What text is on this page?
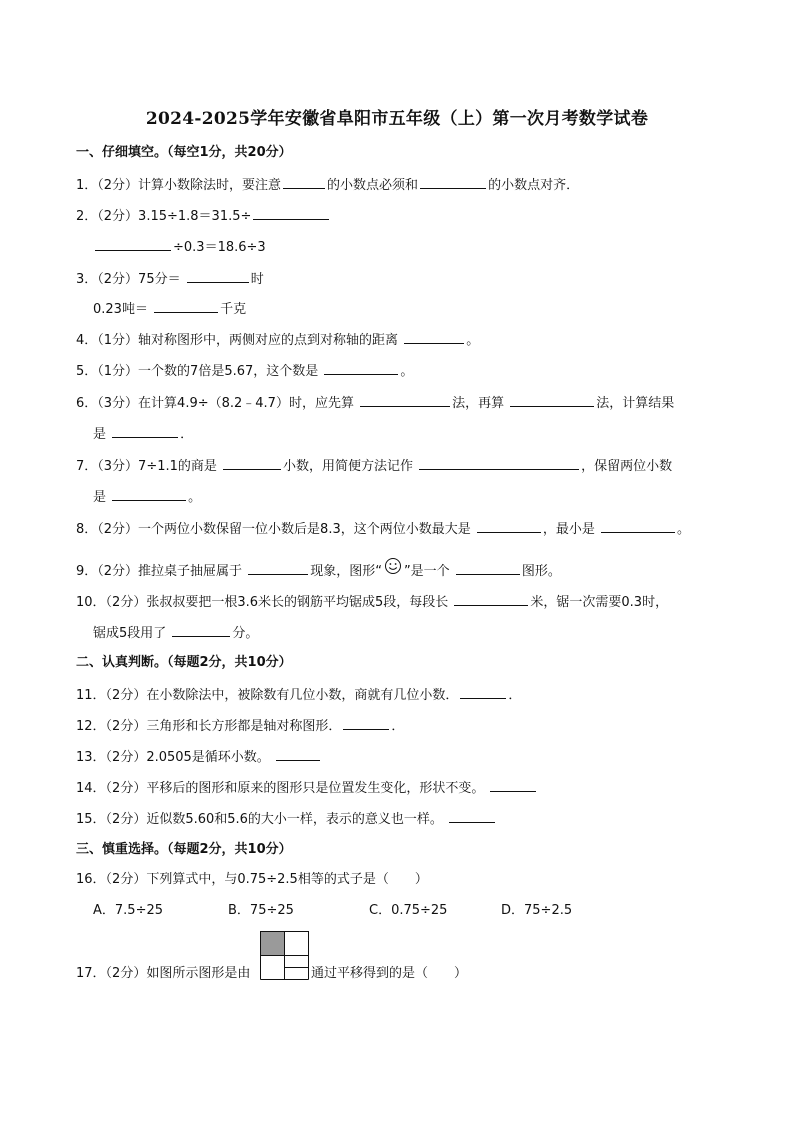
2024-2025学年安徽省阜阳市五年级（上）第一次月考数学试卷
一、仔细填空。（每空1分，共20分）
1．（2分）计算小数除法时，要注意	的小数点必须和	的小数点对齐．
2．（2分）3.15÷1.8＝31.5÷
÷0.3＝18.6÷3
3．（2分）75分＝	时
0.23吨＝	千克
4．（1分）轴对称图形中，两侧对应的点到对称轴的距离	。
5．（1分）一个数的7倍是5.67，这个数是	。
6．（3分）在计算4.9÷（8.2﹣4.7）时，应先算	法，再算	法，计算结果
是	．
7．（3分）7÷1.1的商是	小数，用简便方法记作	，保留两位小数
是	。
8．（2分）一个两位小数保留一位小数后是8.3，这个两位小数最大是	，最小是	。
9．（2分）推拉桌子抽屉属于	现象，图形“ ”是一个	图形。
10．（2分）张叔叔要把一根3.6米长的钢筋平均锯成5段，每段长	米，锯一次需要0.3时，
锯成5段用了	分。
二、认真判断。（每题2分，共10分）
11．（2分）在小数除法中，被除数有几位小数，商就有几位小数．	．
12．（2分）三角形和长方形都是轴对称图形．	．
13．（2分）2.0505是循环小数。
14．（2分）平移后的图形和原来的图形只是位置发生变化，形状不变。
15．（2分）近似数5.60和5.6的大小一样，表示的意义也一样。
三、慎重选择。（每题2分，共10分）
16．（2分）下列算式中，与0.75÷2.5相等的式子是（　　）
A．7.5÷25	B．75÷25	C．0.75÷25	D．75÷2.5
17．（2分）如图所示图形是由	通过平移得到的是（　　）
